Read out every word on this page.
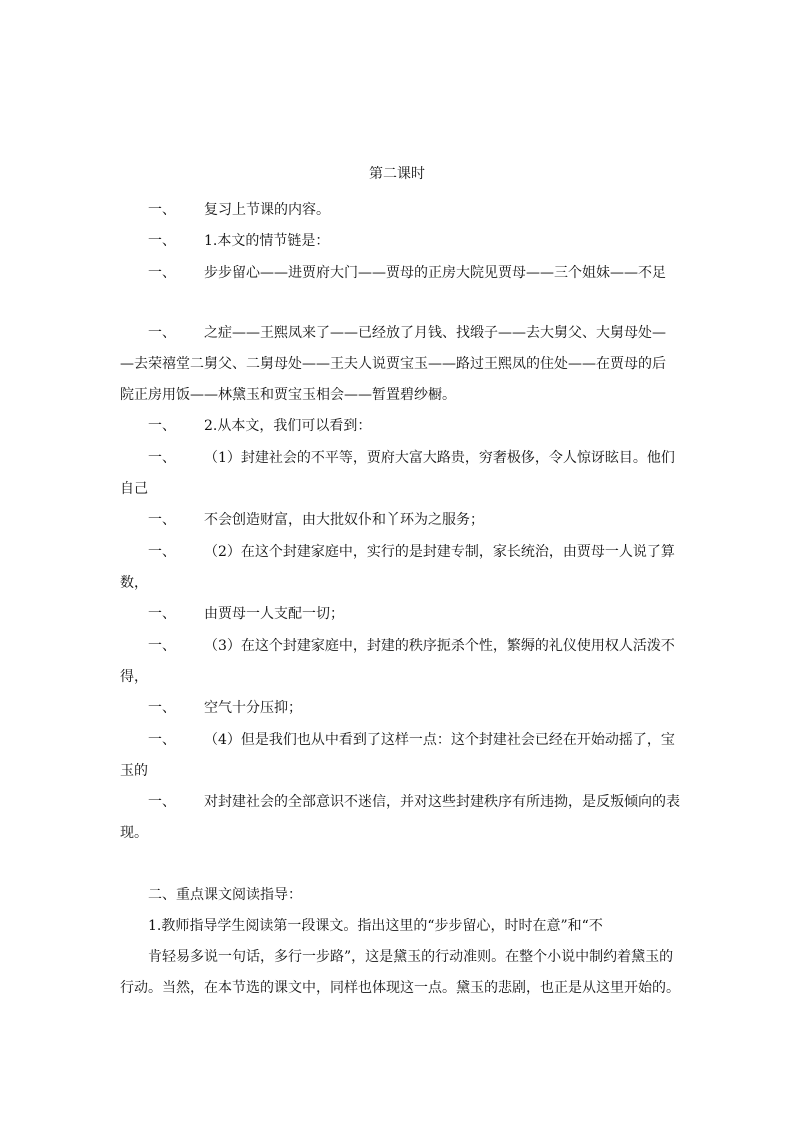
第二课时
一、 复习上节课的内容。
一、 1.本文的情节链是：
一、 步步留心——进贾府大门——贾母的正房大院见贾母——三个姐妹——不足
一、 之症——王熙凤来了——已经放了月钱、找缎子——去大舅父、大舅母处—
—去荣禧堂二舅父、二舅母处——王夫人说贾宝玉——路过王熙凤的住处——在贾母的后
院正房用饭——林黛玉和贾宝玉相会——暂置碧纱橱。
一、 2.从本文，我们可以看到：
一、 （1）封建社会的不平等，贾府大富大路贵，穷奢极侈，令人惊讶眩目。他们
自己
一、 不会创造财富，由大批奴仆和丫环为之服务；
一、 （2）在这个封建家庭中，实行的是封建专制，家长统治，由贾母一人说了算
数，
一、 由贾母一人支配一切；
一、 （3）在这个封建家庭中，封建的秩序扼杀个性，繁缛的礼仪使用权人活泼不
得，
一、 空气十分压抑；
一、 （4）但是我们也从中看到了这样一点：这个封建社会已经在开始动摇了，宝
玉的
一、 对封建社会的全部意识不迷信，并对这些封建秩序有所违拗，是反叛倾向的表
现。
二、重点课文阅读指导：
1.教师指导学生阅读第一段课文。指出这里的“步步留心，时时在意”和“不
肯轻易多说一句话，多行一步路”，这是黛玉的行动准则。在整个小说中制约着黛玉的
行动。当然，在本节选的课文中，同样也体现这一点。黛玉的悲剧，也正是从这里开始的。
